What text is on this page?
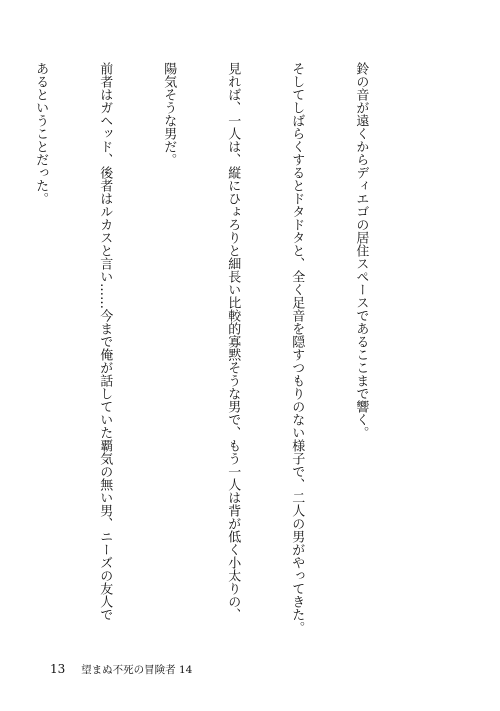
鈴の音が遠くからディエゴの居住スペースであるここまで響く。

そしてしばらくするとドタドタと、全く足音を隠すつもりのない様子で、二人の男がやってきた。

見れば、一人は、縦にひょろりと細長い比較的寡黙そうな男で、もう一人は背が低く小太りの、

陽気そうな男だ。

前者はガヘッド、後者はルカスと言い……今まで俺が話していた覇気の無い男、ニーズの友人で

あるということだった。

13 望まぬ不死の冒険者 14
